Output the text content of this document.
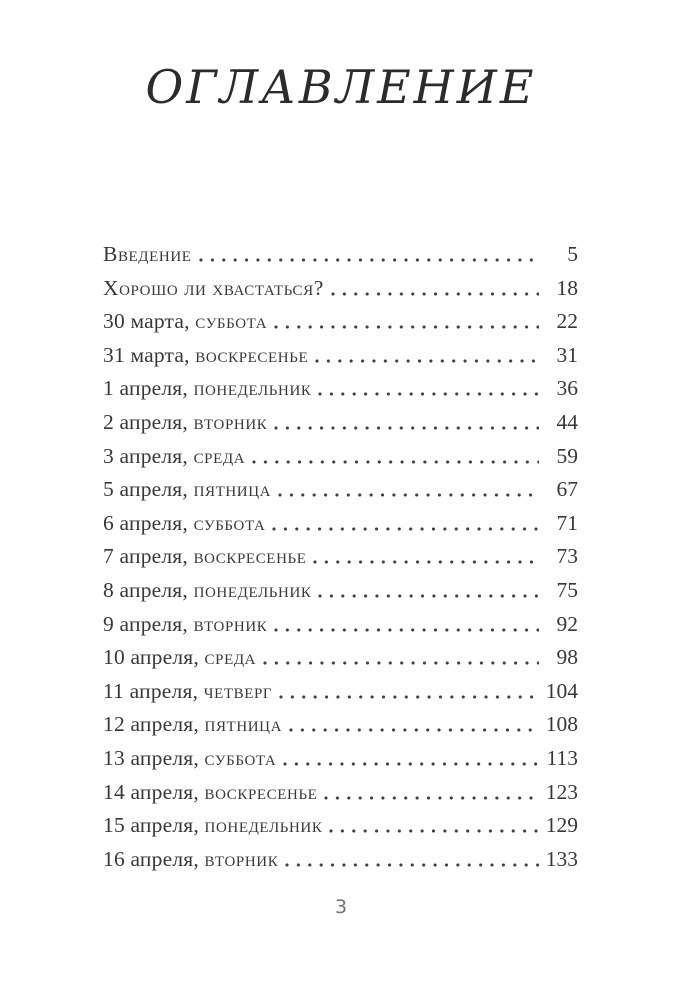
ОГЛАВЛЕНИЕ
Введение	5
Хорошо ли хвастаться?	18
30 марта, суббота	22
31 марта, воскресенье	31
1 апреля, понедельник	36
2 апреля, вторник	44
3 апреля, среда	59
5 апреля, пятница	67
6 апреля, суббота	71
7 апреля, воскресенье	73
8 апреля, понедельник	75
9 апреля, вторник	92
10 апреля, среда	98
11 апреля, четверг	104
12 апреля, пятница	108
13 апреля, суббота	113
14 апреля, воскресенье	123
15 апреля, понедельник	129
16 апреля, вторник	133
3
